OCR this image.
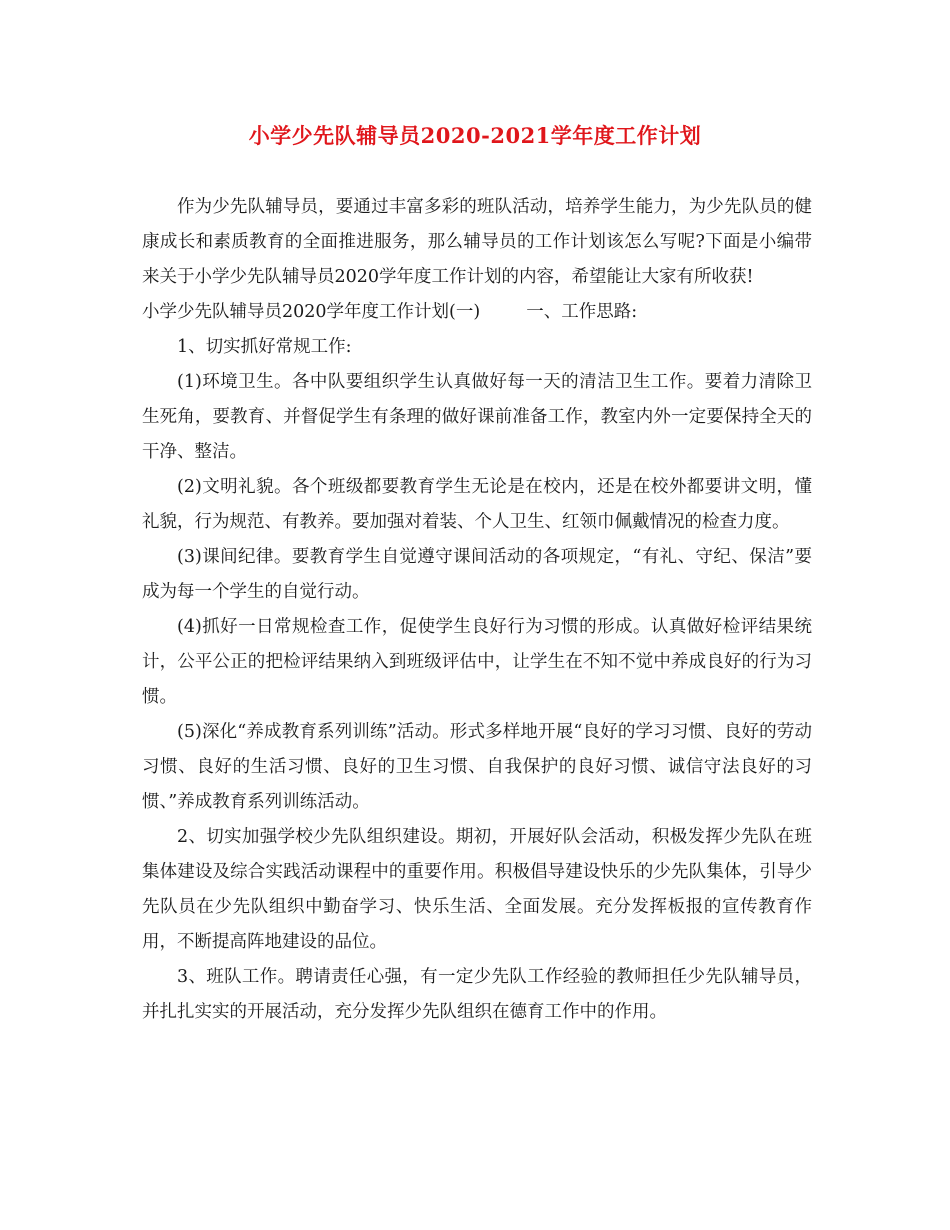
小学少先队辅导员2020-2021学年度工作计划

作为少先队辅导员，要通过丰富多彩的班队活动，培养学生能力，为少先队员的健康成长和素质教育的全面推进服务，那么辅导员的工作计划该怎么写呢?下面是小编带来关于小学少先队辅导员2020学年度工作计划的内容，希望能让大家有所收获!

小学少先队辅导员2020学年度工作计划(一)	一、工作思路:

1、切实抓好常规工作:

(1)环境卫生。各中队要组织学生认真做好每一天的清洁卫生工作。要着力清除卫生死角，要教育、并督促学生有条理的做好课前准备工作，教室内外一定要保持全天的干净、整洁。

(2)文明礼貌。各个班级都要教育学生无论是在校内，还是在校外都要讲文明，懂礼貌，行为规范、有教养。要加强对着装、个人卫生、红领巾佩戴情况的检查力度。

(3)课间纪律。要教育学生自觉遵守课间活动的各项规定，“有礼、守纪、保洁”要成为每一个学生的自觉行动。

(4)抓好一日常规检查工作，促使学生良好行为习惯的形成。认真做好检评结果统计，公平公正的把检评结果纳入到班级评估中，让学生在不知不觉中养成良好的行为习惯。

(5)深化“养成教育系列训练”活动。形式多样地开展“良好的学习习惯、良好的劳动习惯、良好的生活习惯、良好的卫生习惯、自我保护的良好习惯、诚信守法良好的习惯、”养成教育系列训练活动。

2、切实加强学校少先队组织建设。期初，开展好队会活动，积极发挥少先队在班集体建设及综合实践活动课程中的重要作用。积极倡导建设快乐的少先队集体，引导少先队员在少先队组织中勤奋学习、快乐生活、全面发展。充分发挥板报的宣传教育作用，不断提高阵地建设的品位。

3、班队工作。聘请责任心强，有一定少先队工作经验的教师担任少先队辅导员，并扎扎实实的开展活动，充分发挥少先队组织在德育工作中的作用。
